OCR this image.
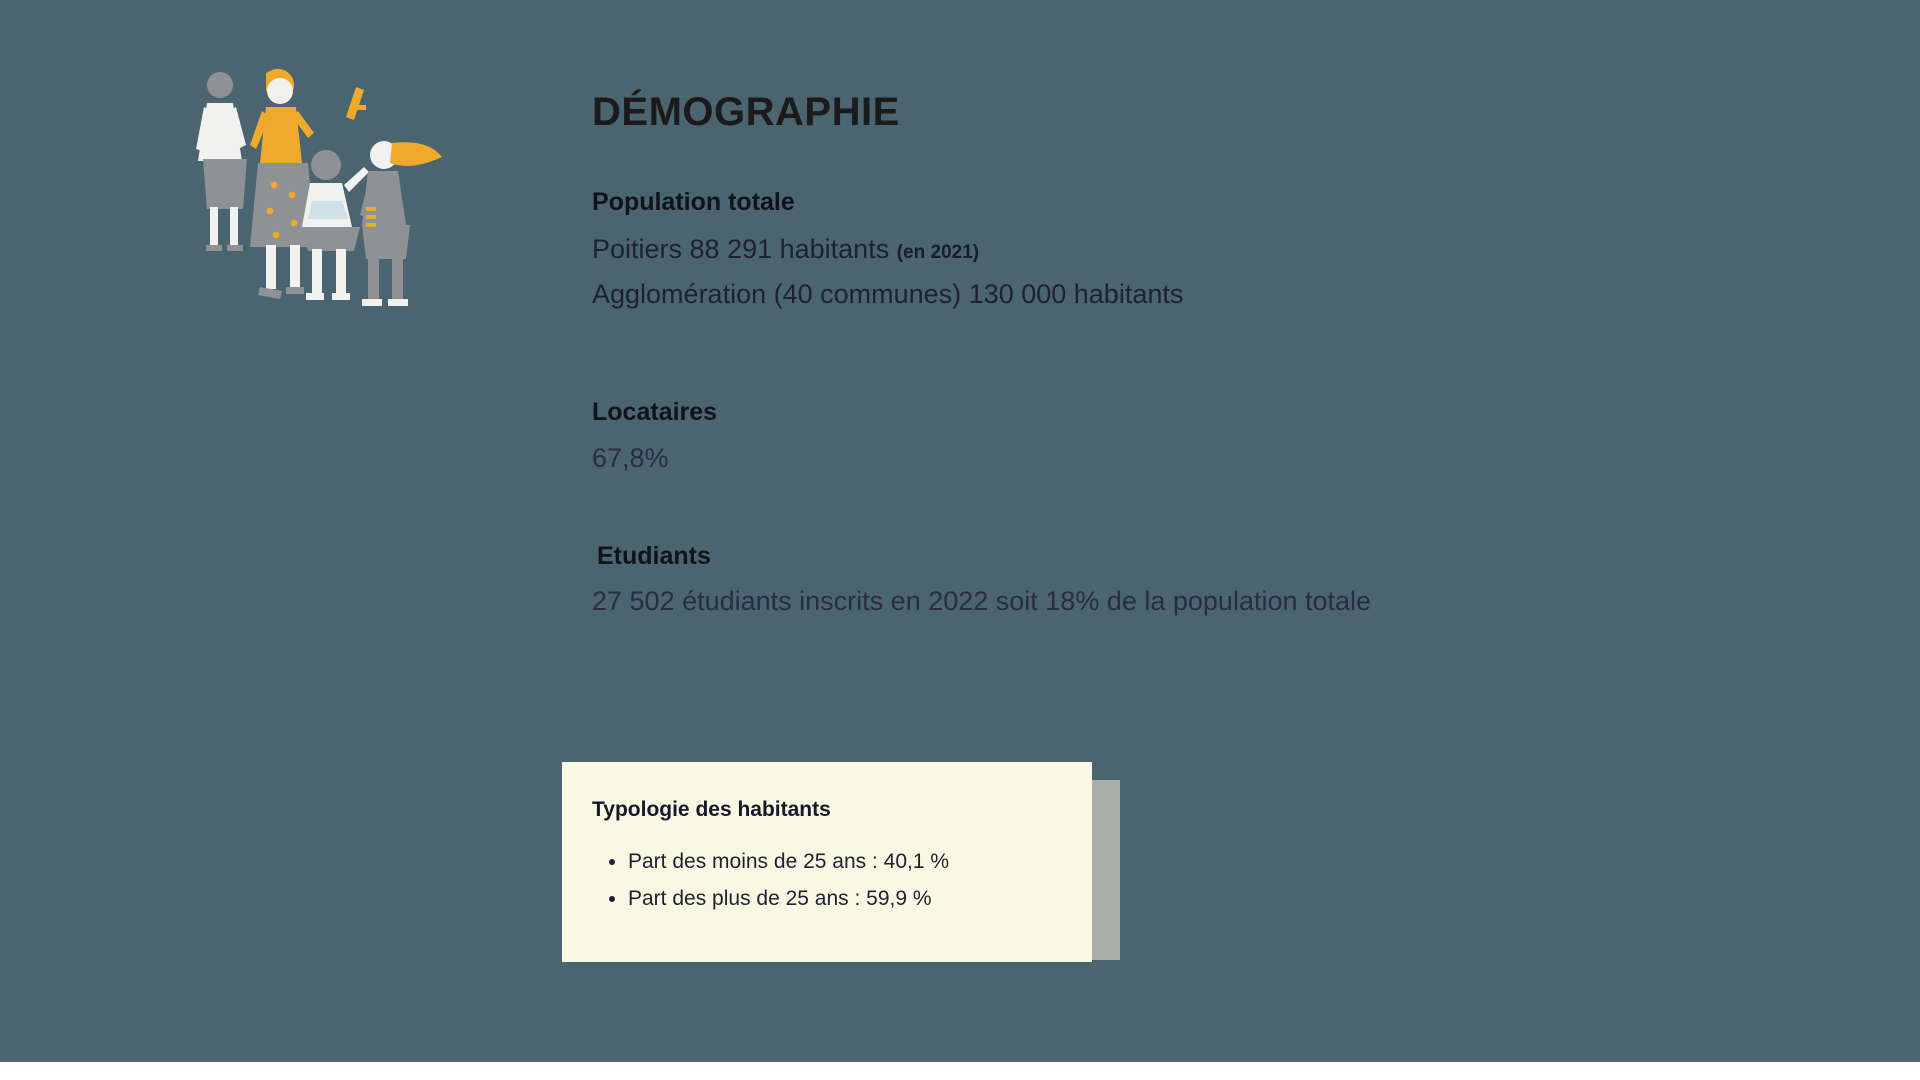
DÉMOGRAPHIE

Population totale

Poitiers 88 291 habitants (en 2021)

Agglomération (40 communes) 130 000 habitants

Locataires

67,8%

Etudiants

27 502 étudiants inscrits en 2022 soit 18% de la population totale

Typologie des habitants

• Part des moins de 25 ans : 40,1 %
• Part des plus de 25 ans : 59,9 %
